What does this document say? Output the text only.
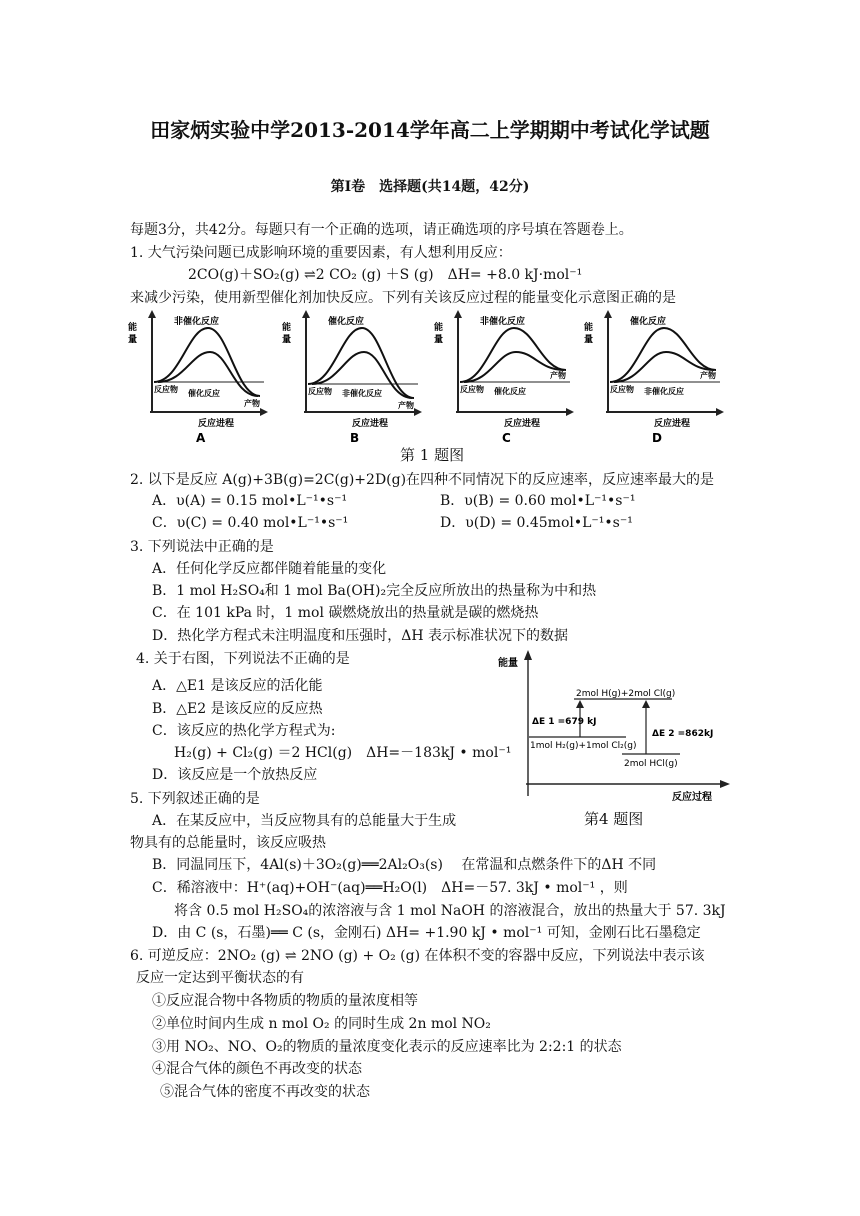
田家炳实验中学2013-2014学年高二上学期期中考试化学试题
第Ⅰ卷　选择题(共14题，42分)
每题3分，共42分。每题只有一个正确的选项，请正确选项的序号填在答题卷上。
1. 大气污染问题已成影响环境的重要因素，有人想利用反应：
2CO(g)＋SO₂(g) ⇌2 CO₂ (g) ＋S (g)　ΔH= +8.0 kJ·mol⁻¹
来减少污染，使用新型催化剂加快反应。下列有关该反应过程的能量变化示意图正确的是
能
量
非催化反应
催化反应
反应物
产物
反应进程
A
能
量
催化反应
非催化反应
反应物
产物
反应进程
B
能
量
非催化反应
催化反应
反应物
产物
反应进程
C
能
量
催化反应
非催化反应
反应物
产物
反应进程
D
第 1 题图
2. 以下是反应 A(g)+3B(g)=2C(g)+2D(g)在四种不同情况下的反应速率，反应速率最大的是
A．υ(A) = 0.15 mol•L⁻¹•s⁻¹	B．υ(B) = 0.60 mol•L⁻¹•s⁻¹
C．υ(C) = 0.40 mol•L⁻¹•s⁻¹	D．υ(D) = 0.45mol•L⁻¹•s⁻¹
3. 下列说法中正确的是
A．任何化学反应都伴随着能量的变化
B．1 mol H₂SO₄和 1 mol Ba(OH)₂完全反应所放出的热量称为中和热
C．在 101 kPa 时，1 mol 碳燃烧放出的热量就是碳的燃烧热
D．热化学方程式未注明温度和压强时，ΔH 表示标准状况下的数据
4. 关于右图，下列说法不正确的是
A．△E1 是该反应的活化能
B．△E2 是该反应的反应热
C．该反应的热化学方程式为:
H₂(g) + Cl₂(g) ＝2 HCl(g)　ΔH=－183kJ • mol⁻¹
D．该反应是一个放热反应
能量
2mol H(g)+2mol Cl(g)
1mol H₂(g)+1mol Cl₂(g)
2mol HCl(g)
ΔE 1 =679 kJ
ΔE 2 =862kJ
反应过程
第4 题图
5. 下列叙述正确的是
A．在某反应中，当反应物具有的总能量大于生成
物具有的总能量时，该反应吸热
B．同温同压下，4Al(s)＋3O₂(g)══2Al₂O₃(s)　 在常温和点燃条件下的ΔH 不同
C．稀溶液中：H⁺(aq)+OH⁻(aq)══H₂O(l)　ΔH=－57. 3kJ • mol⁻¹ ，则
将含 0.5 mol H₂SO₄的浓溶液与含 1 mol NaOH 的溶液混合，放出的热量大于 57. 3kJ
D．由 C (s，石墨)══ C (s，金刚石) ΔH= +1.90 kJ • mol⁻¹ 可知，金刚石比石墨稳定
6. 可逆反应：2NO₂ (g) ⇌ 2NO (g) + O₂ (g) 在体积不变的容器中反应，下列说法中表示该
反应一定达到平衡状态的有
①反应混合物中各物质的物质的量浓度相等
②单位时间内生成 n mol O₂ 的同时生成 2n mol NO₂
③用 NO₂、NO、O₂的物质的量浓度变化表示的反应速率比为 2:2:1 的状态
④混合气体的颜色不再改变的状态
⑤混合气体的密度不再改变的状态
